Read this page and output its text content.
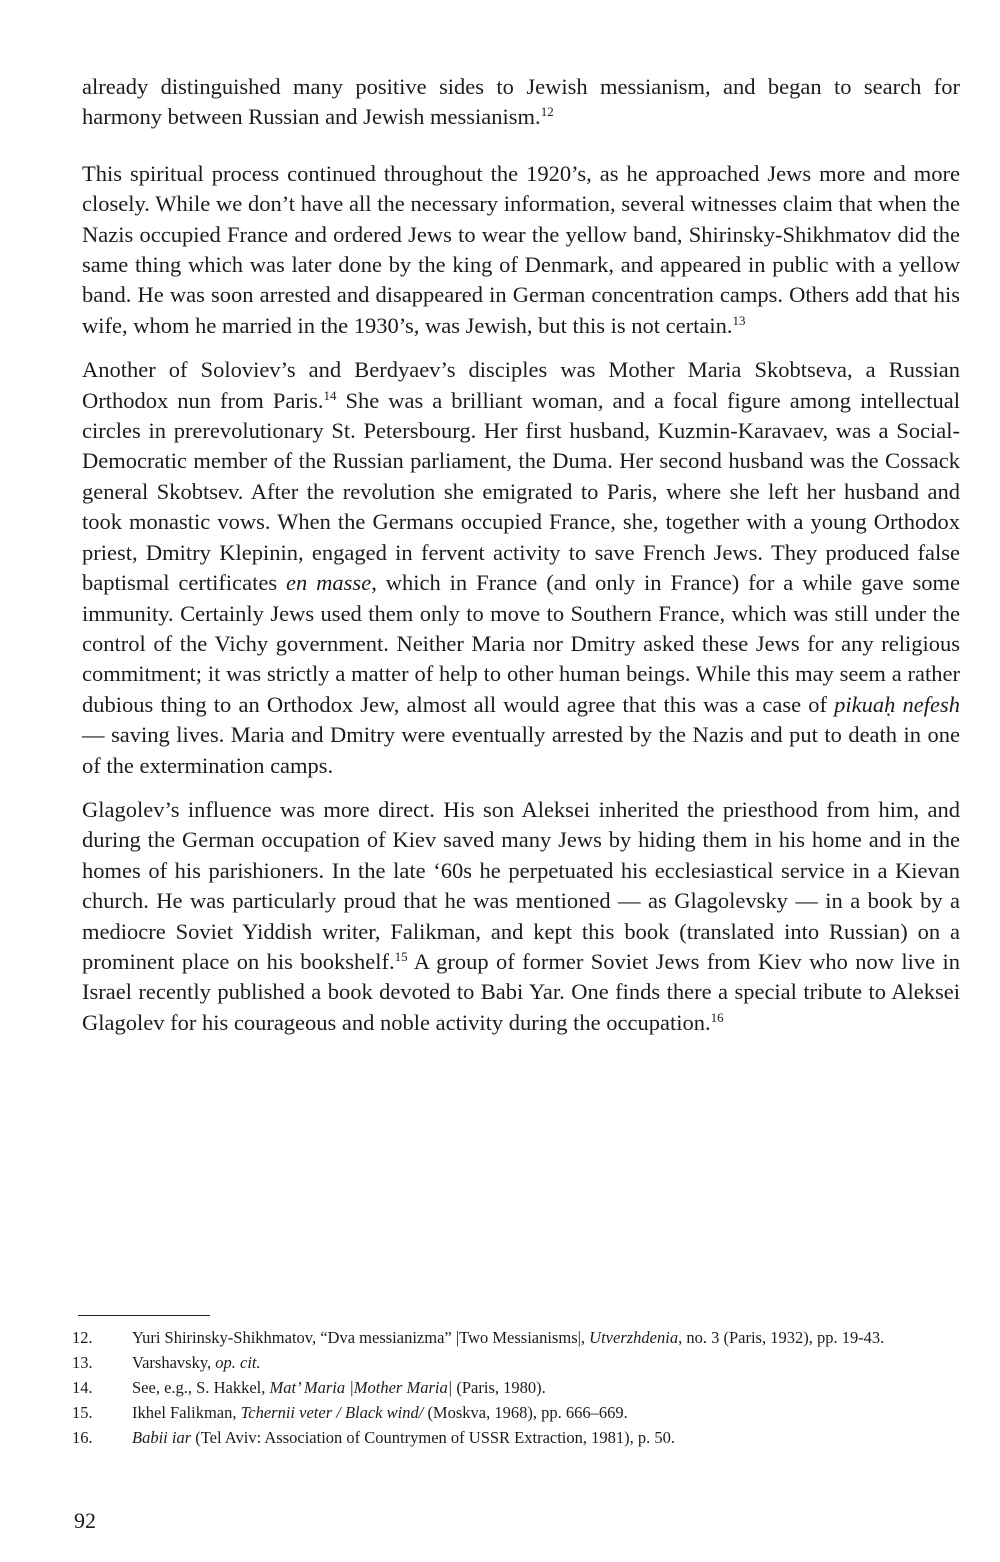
already distinguished many positive sides to Jewish messianism, and began to search for harmony between Russian and Jewish messianism.$^{12}$

This spiritual process continued throughout the 1920’s, as he approached Jews more and more closely. While we don’t have all the necessary information, several witnesses claim that when the Nazis occupied France and ordered Jews to wear the yellow band, Shirinsky-Shikhmatov did the same thing which was later done by the king of Denmark, and appeared in public with a yellow band. He was soon arrested and disappeared in German concentration camps. Others add that his wife, whom he married in the 1930’s, was Jewish, but this is not certain.$^{13}$

Another of Soloviev’s and Berdyaev’s disciples was Mother Maria Skobtseva, a Russian Orthodox nun from Paris.$^{14}$ She was a brilliant woman, and a focal figure among intellectual circles in prerevolutionary St. Petersbourg. Her first husband, Kuzmin-Karavaev, was a Social-Democratic member of the Russian parliament, the Duma. Her second husband was the Cossack general Skobtsev. After the revolution she emigrated to Paris, where she left her husband and took monastic vows. When the Germans occupied France, she, together with a young Orthodox priest, Dmitry Klepinin, engaged in fervent activity to save French Jews. They produced false baptismal certificates en masse, which in France (and only in France) for a while gave some immunity. Certainly Jews used them only to move to Southern France, which was still under the control of the Vichy government. Neither Maria nor Dmitry asked these Jews for any religious commitment; it was strictly a matter of help to other human beings. While this may seem a rather dubious thing to an Orthodox Jew, almost all would agree that this was a case of pikuaḥ nefesh — saving lives. Maria and Dmitry were eventually arrested by the Nazis and put to death in one of the extermination camps.

Glagolev’s influence was more direct. His son Aleksei inherited the priesthood from him, and during the German occupation of Kiev saved many Jews by hiding them in his home and in the homes of his parishioners. In the late ‘60s he perpetuated his ecclesiastical service in a Kievan church. He was particularly proud that he was mentioned — as Glagolevsky — in a book by a mediocre Soviet Yiddish writer, Falikman, and kept this book (translated into Russian) on a prominent place on his bookshelf.$^{15}$ A group of former Soviet Jews from Kiev who now live in Israel recently published a book devoted to Babi Yar. One finds there a special tribute to Aleksei Glagolev for his courageous and noble activity during the occupation.$^{16}$

12. Yuri Shirinsky-Shikhmatov, “Dva messianizma” |Two Messianisms|, Utverzhdenia, no. 3 (Paris, 1932), pp. 19-43.
13. Varshavsky, op. cit.
14. See, e.g., S. Hakkel, Mat’ Maria |Mother Maria| (Paris, 1980).
15. Ikhel Falikman, Tchernii veter / Black wind/ (Moskva, 1968), pp. 666–669.
16. Babii iar (Tel Aviv: Association of Countrymen of USSR Extraction, 1981), p. 50.
92
